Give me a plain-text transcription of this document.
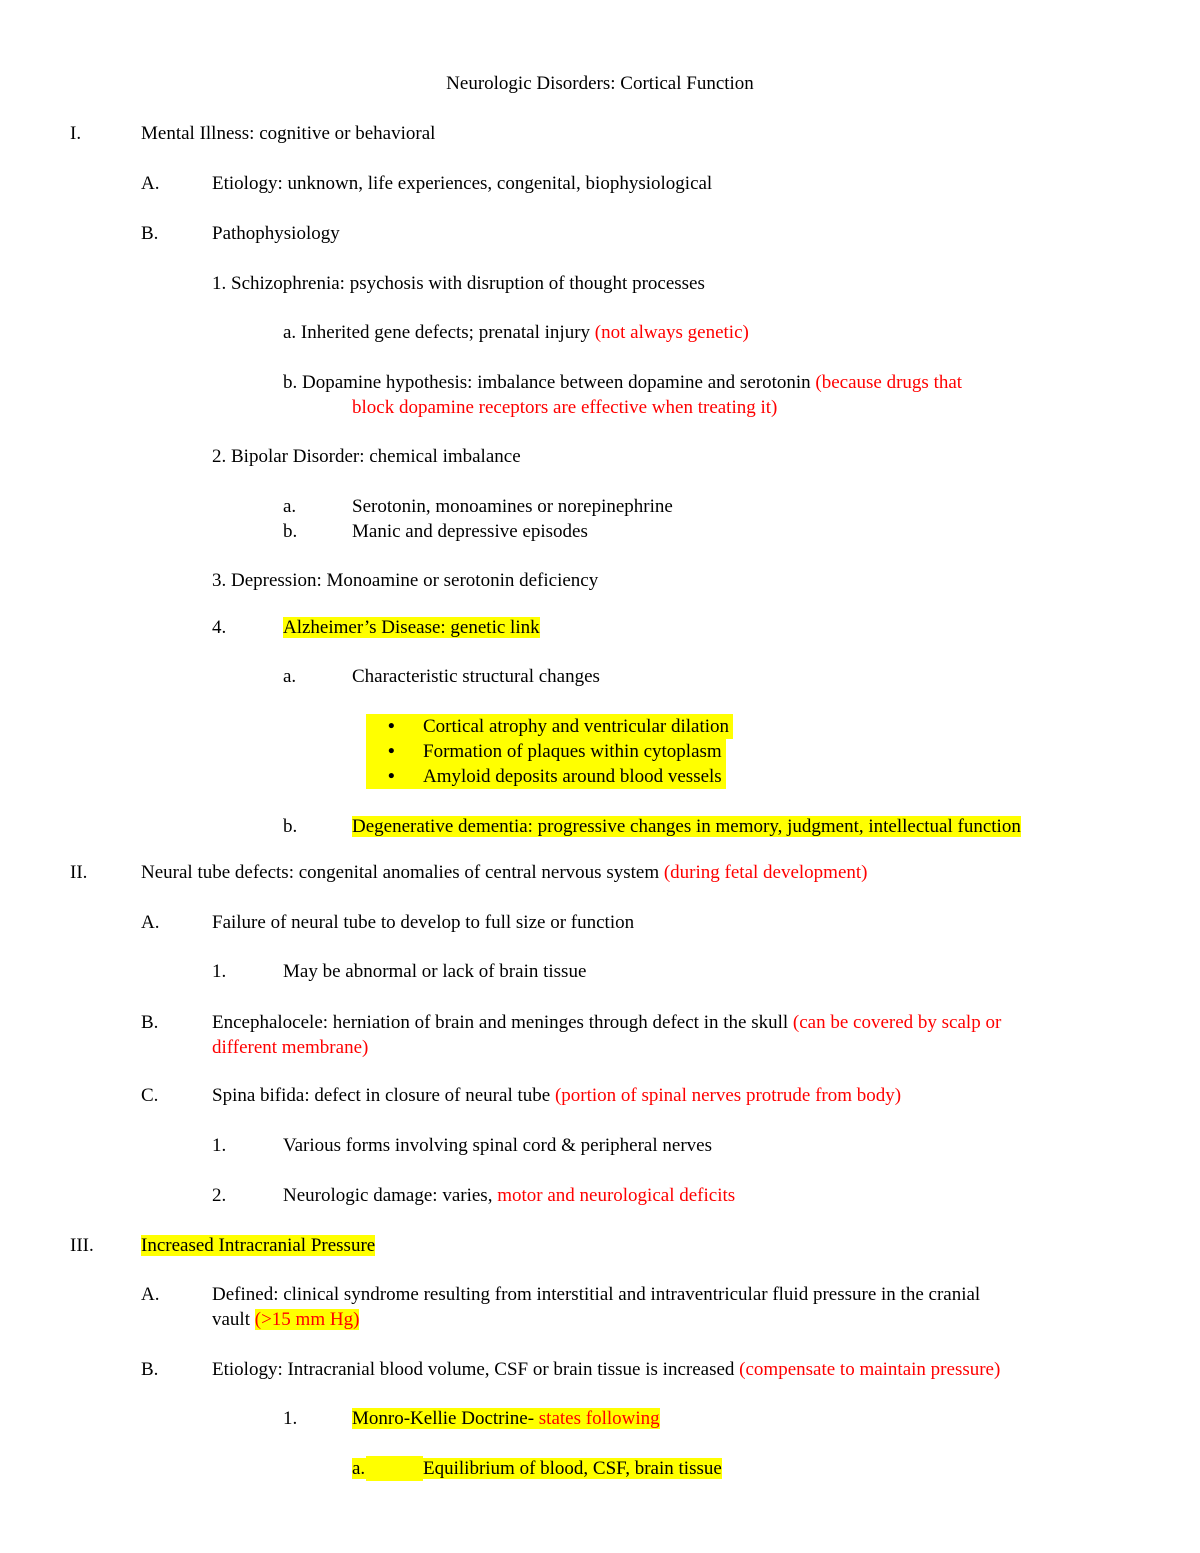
Neurologic Disorders: Cortical Function
I.	Mental Illness: cognitive or behavioral
A.	Etiology: unknown, life experiences, congenital, biophysiological
B.	Pathophysiology
1. Schizophrenia: psychosis with disruption of thought processes
a. Inherited gene defects; prenatal injury (not always genetic)
b. Dopamine hypothesis: imbalance between dopamine and serotonin (because drugs that
block dopamine receptors are effective when treating it)
2. Bipolar Disorder: chemical imbalance
a.	Serotonin, monoamines or norepinephrine
b.	Manic and depressive episodes
3. Depression: Monoamine or serotonin deficiency
4.	Alzheimer’s Disease: genetic link
a.	Characteristic structural changes
• Cortical atrophy and ventricular dilation
• Formation of plaques within cytoplasm
• Amyloid deposits around blood vessels
b.	Degenerative dementia: progressive changes in memory, judgment, intellectual function
II.	Neural tube defects: congenital anomalies of central nervous system (during fetal development)
A.	Failure of neural tube to develop to full size or function
1.	May be abnormal or lack of brain tissue
B.	Encephalocele: herniation of brain and meninges through defect in the skull (can be covered by scalp or
different membrane)
C.	Spina bifida: defect in closure of neural tube (portion of spinal nerves protrude from body)
1.	Various forms involving spinal cord & peripheral nerves
2.	Neurologic damage: varies, motor and neurological deficits
III. Increased Intracranial Pressure
A.	Defined: clinical syndrome resulting from interstitial and intraventricular fluid pressure in the cranial
vault (>15 mm Hg)
B.	Etiology: Intracranial blood volume, CSF or brain tissue is increased (compensate to maintain pressure)
1.	Monro-Kellie Doctrine- states following
a.	Equilibrium of blood, CSF, brain tissue
